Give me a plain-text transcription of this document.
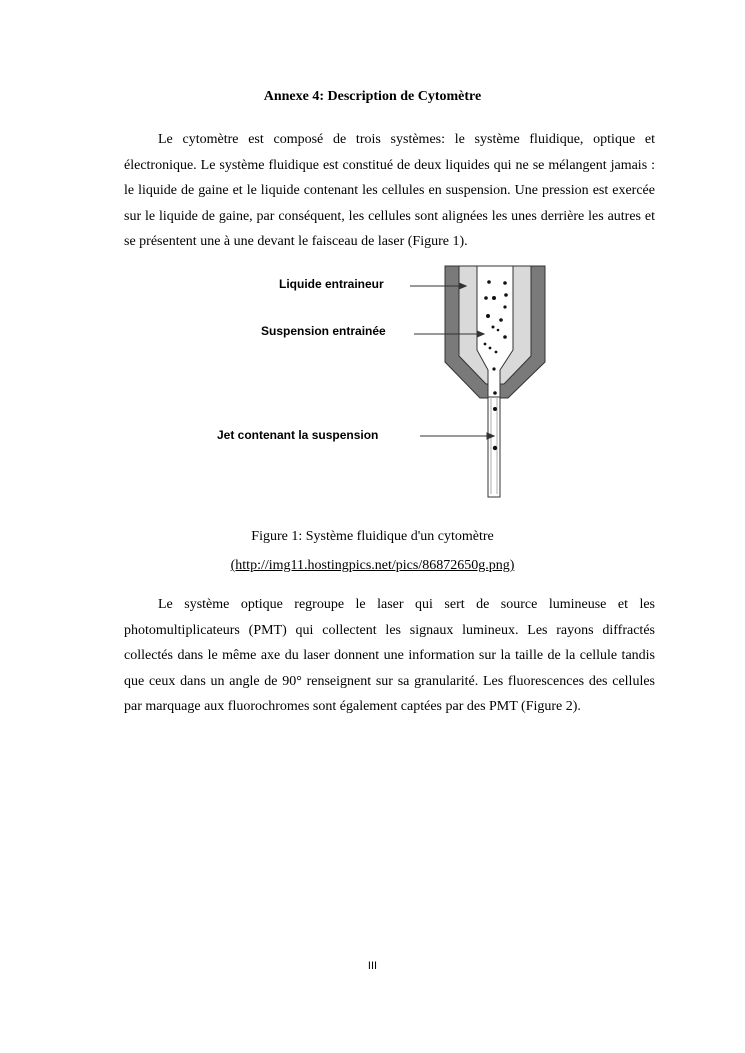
Annexe 4: Description de Cytomètre

Le cytomètre est composé de trois systèmes: le système fluidique, optique et électronique. Le système fluidique est constitué de deux liquides qui ne se mélangent jamais : le liquide de gaine et le liquide contenant les cellules en suspension. Une pression est exercée sur le liquide de gaine, par conséquent, les cellules sont alignées les unes derrière les autres et se présentent une à une devant le faisceau de laser (Figure 1).

Liquide entraineur
Suspension entrainée
Jet contenant la suspension
Figure 1: Système fluidique d'un cytomètre
(http://img11.hostingpics.net/pics/86872650g.png)

Le système optique regroupe le laser qui sert de source lumineuse et les photomultiplicateurs (PMT) qui collectent les signaux lumineux. Les rayons diffractés collectés dans le même axe du laser donnent une information sur la taille de la cellule tandis que ceux dans un angle de 90° renseignent sur sa granularité. Les fluorescences des cellules par marquage aux fluorochromes sont également captées par des PMT (Figure 2).

III
